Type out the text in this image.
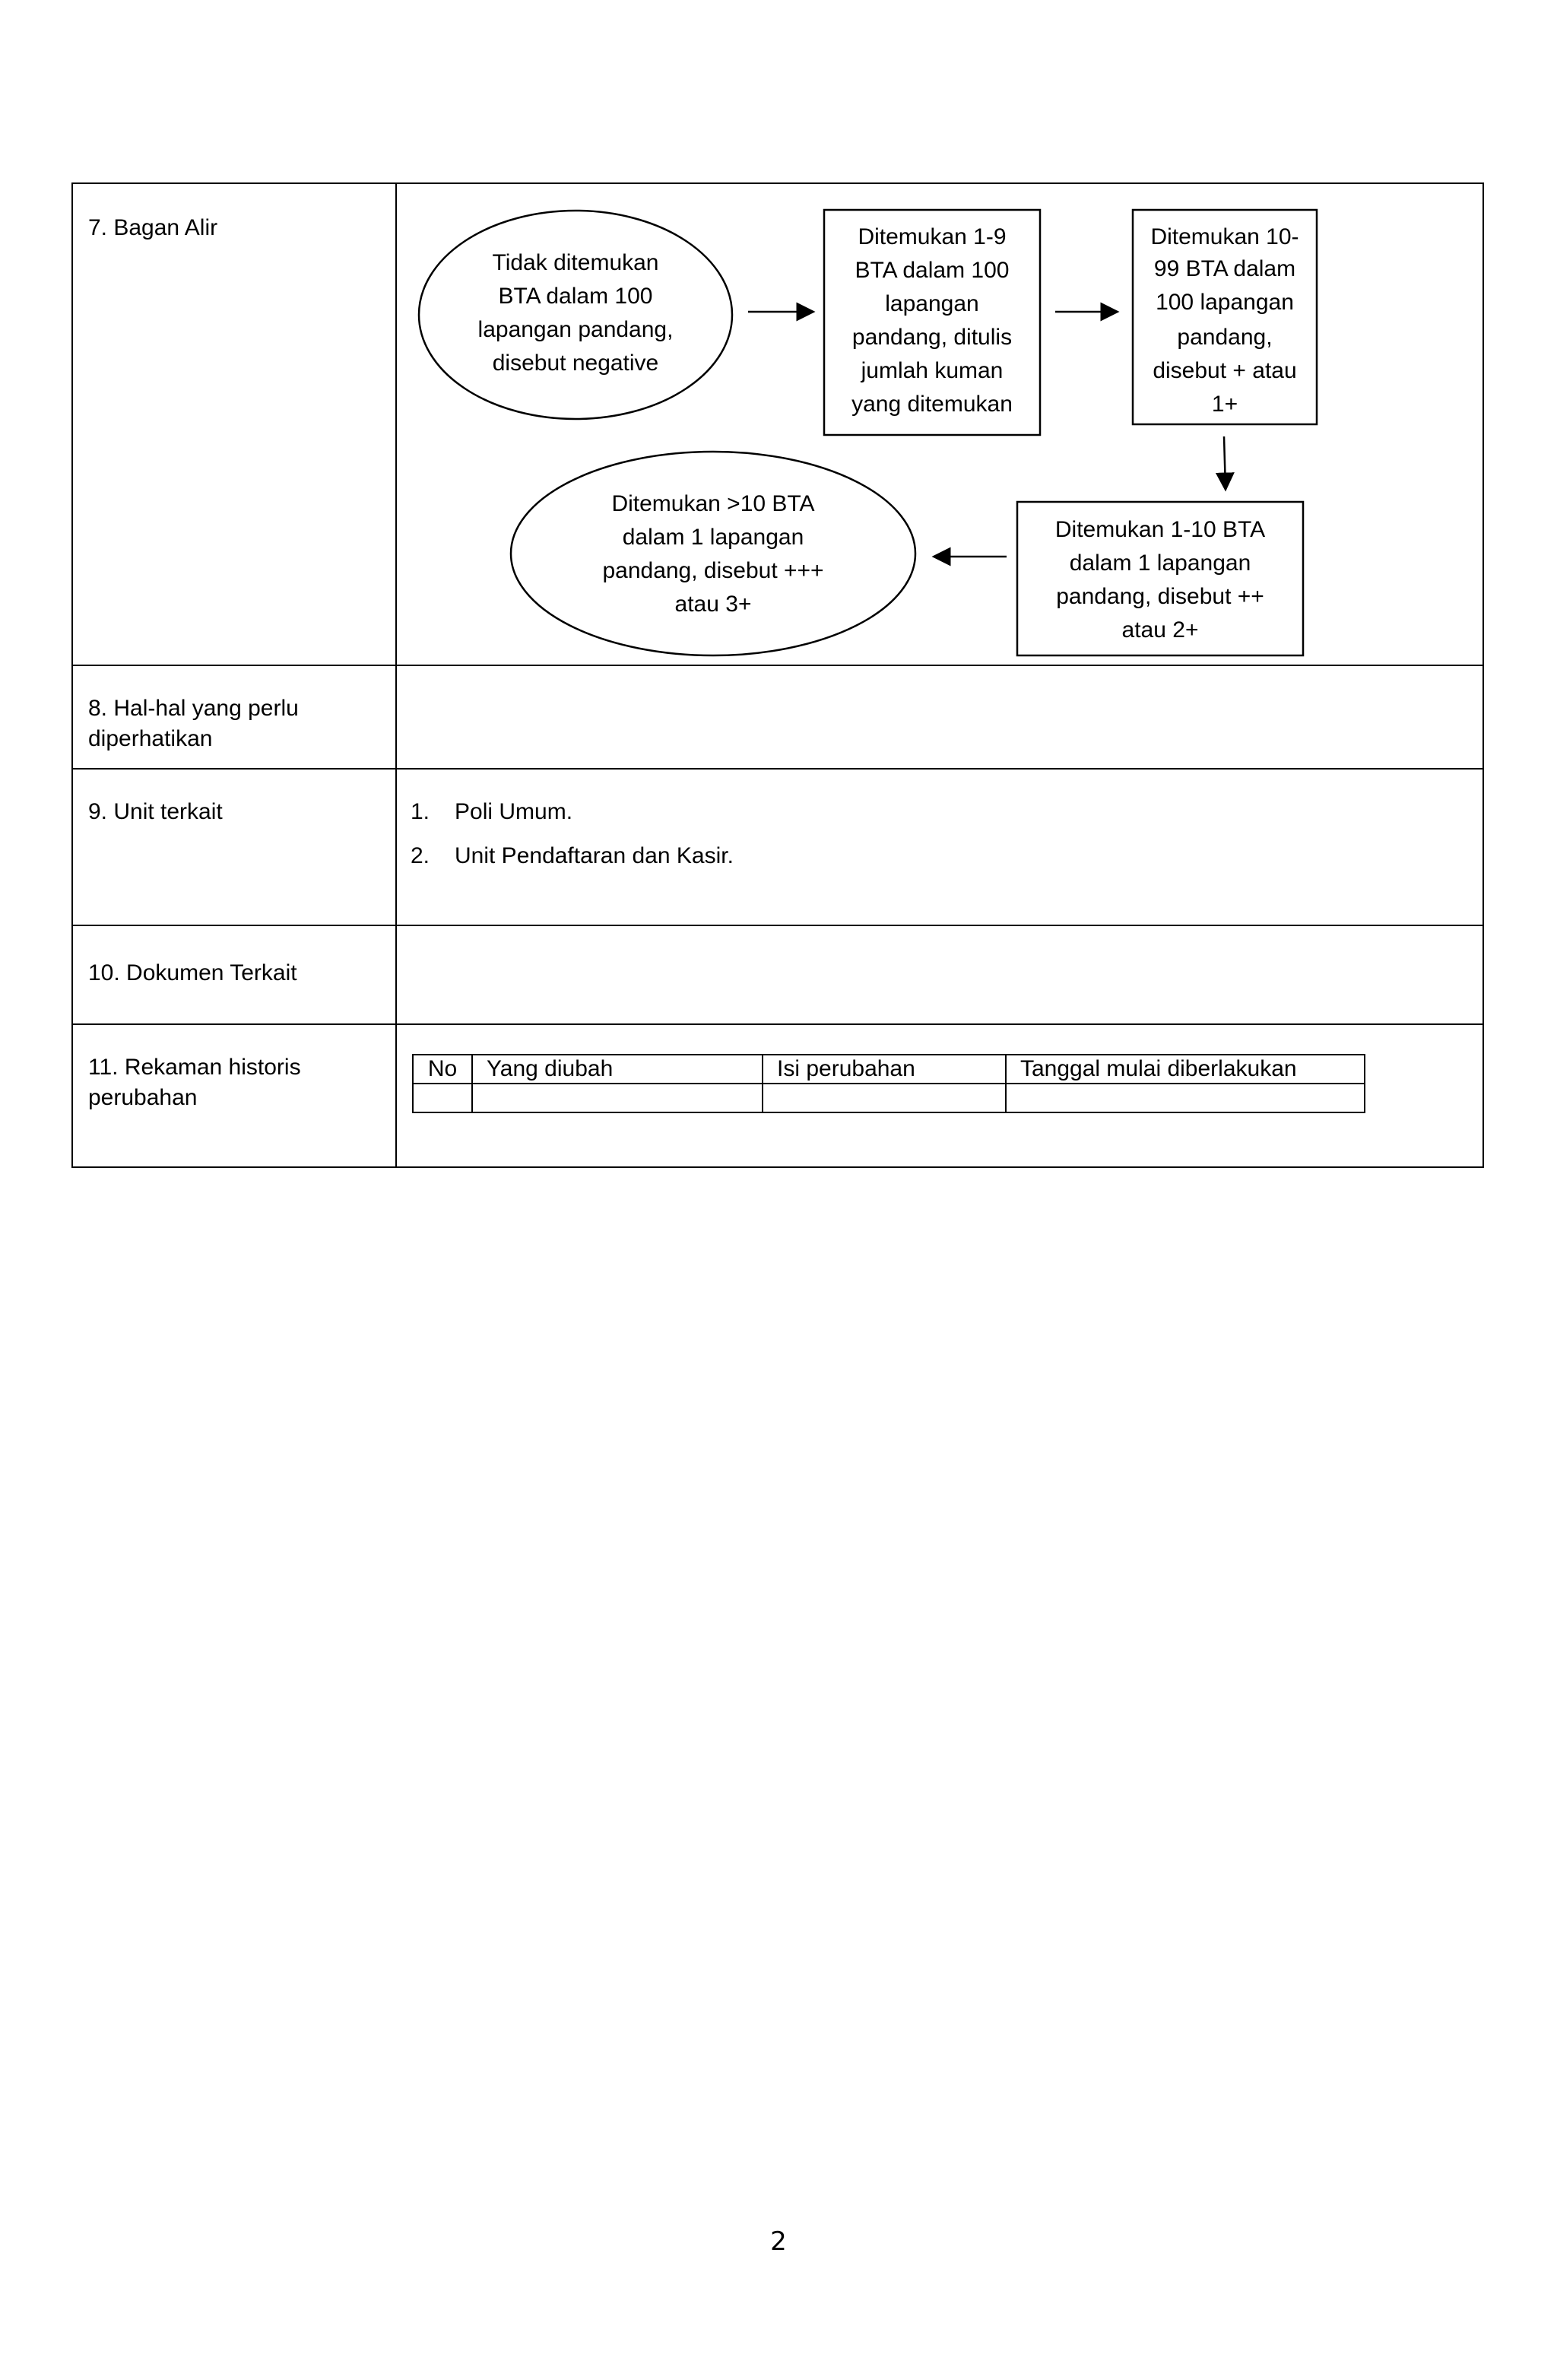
7. Bagan Alir	
Tidak ditemukan
BTA dalam 100
lapangan pandang,
disebut negative
Ditemukan 1-9
BTA dalam 100
lapangan
pandang, ditulis
jumlah kuman
yang ditemukan
Ditemukan 10-
99 BTA dalam
100 lapangan
pandang,
disebut + atau
1+
Ditemukan 1-10 BTA
dalam 1 lapangan
pandang, disebut ++
atau 2+
Ditemukan >10 BTA
dalam 1 lapangan
pandang, disebut +++
atau 3+

8. Hal-hal yang perlu diperhatikan	
9. Unit terkait	1.	Poli Umum.
2.	Unit Pendaftaran dan Kasir.

10. Dokumen Terkait	
11. Rekaman historis perubahan	
No	Yang diubah	Isi perubahan	Tanggal mulai diberlakukan

2
